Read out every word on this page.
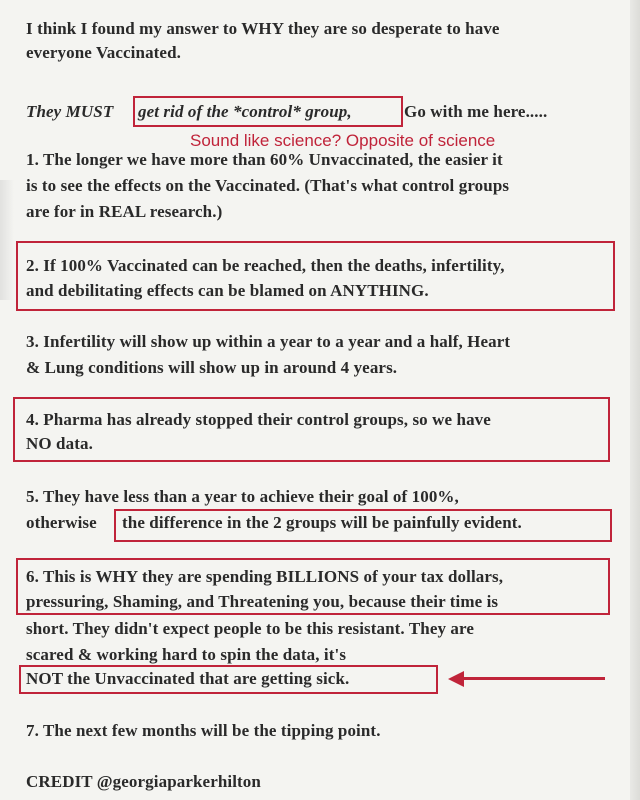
I think I found my answer to WHY they are so desperate to have

everyone Vaccinated.

They MUST get rid of the *control* group,	Go with me here.....

Sound like science? Opposite of science

1. The longer we have more than 60% Unvaccinated, the easier it

is to see the effects on the Vaccinated. (That's what control groups

are for in REAL research.)

2. If 100% Vaccinated can be reached, then the deaths, infertility,

and debilitating effects can be blamed on ANYTHING.

3. Infertility will show up within a year to a year and a half, Heart

& Lung conditions will show up in around 4 years.

4. Pharma has already stopped their control groups, so we have

NO data.

5. They have less than a year to achieve their goal of 100%,

otherwise the difference in the 2 groups will be painfully evident.

6. This is WHY they are spending BILLIONS of your tax dollars,

pressuring, Shaming, and Threatening you, because their time is

short. They didn't expect people to be this resistant. They are

scared & working hard to spin the data, it's

NOT the Unvaccinated that are getting sick.

7. The next few months will be the tipping point.

CREDIT @georgiaparkerhilton
